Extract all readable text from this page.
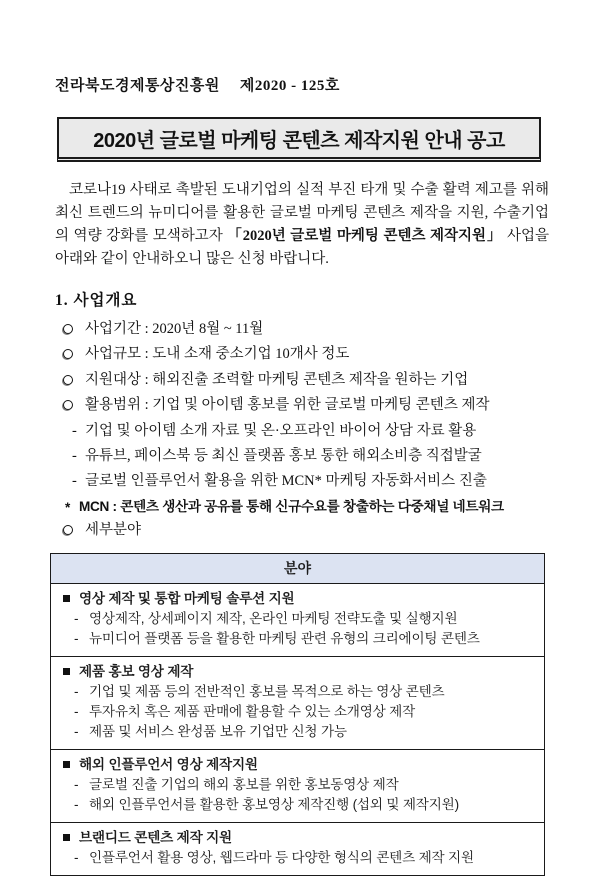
전라북도경제통상진흥원 제2020 - 125호
2020년 글로벌 마케팅 콘텐츠 제작지원 안내 공고

코로나19 사태로 촉발된 도내기업의 실적 부진 타개 및 수출 활력 제고를 위해 최신 트렌드의 뉴미디어를 활용한 글로벌 마케팅 콘텐츠 제작을 지원, 수출기업의 역량 강화를 모색하고자 「2020년 글로벌 마케팅 콘텐츠 제작지원」 사업을 아래와 같이 안내하오니 많은 신청 바랍니다.

1. 사업개요
사업기간 : 2020년 8월 ~ 11월
사업규모 : 도내 소재 중소기업 10개사 정도
지원대상 : 해외진출 조력할 마케팅 콘텐츠 제작을 원하는 기업
활용범위 : 기업 및 아이템 홍보를 위한 글로벌 마케팅 콘텐츠 제작
- 기업 및 아이템 소개 자료 및 온·오프라인 바이어 상담 자료 활용
- 유튜브, 페이스북 등 최신 플랫폼 홍보 통한 해외소비층 직접발굴
- 글로벌 인플루언서 활용을 위한 MCN* 마케팅 자동화서비스 진출
* MCN : 콘텐츠 생산과 공유를 통해 신규수요를 창출하는 다중채널 네트워크
세부분야
분야
영상 제작 및 통합 마케팅 솔루션 지원
- 영상제작, 상세페이지 제작, 온라인 마케팅 전략도출 및 실행지원
- 뉴미디어 플랫폼 등을 활용한 마케팅 관련 유형의 크리에이팅 콘텐츠
제품 홍보 영상 제작
- 기업 및 제품 등의 전반적인 홍보를 목적으로 하는 영상 콘텐츠
- 투자유치 혹은 제품 판매에 활용할 수 있는 소개영상 제작
- 제품 및 서비스 완성품 보유 기업만 신청 가능
해외 인플루언서 영상 제작지원
- 글로벌 진출 기업의 해외 홍보를 위한 홍보동영상 제작
- 해외 인플루언서를 활용한 홍보영상 제작진행 (섭외 및 제작지원)
브랜디드 콘텐츠 제작 지원
- 인플루언서 활용 영상, 웹드라마 등 다양한 형식의 콘텐츠 제작 지원
